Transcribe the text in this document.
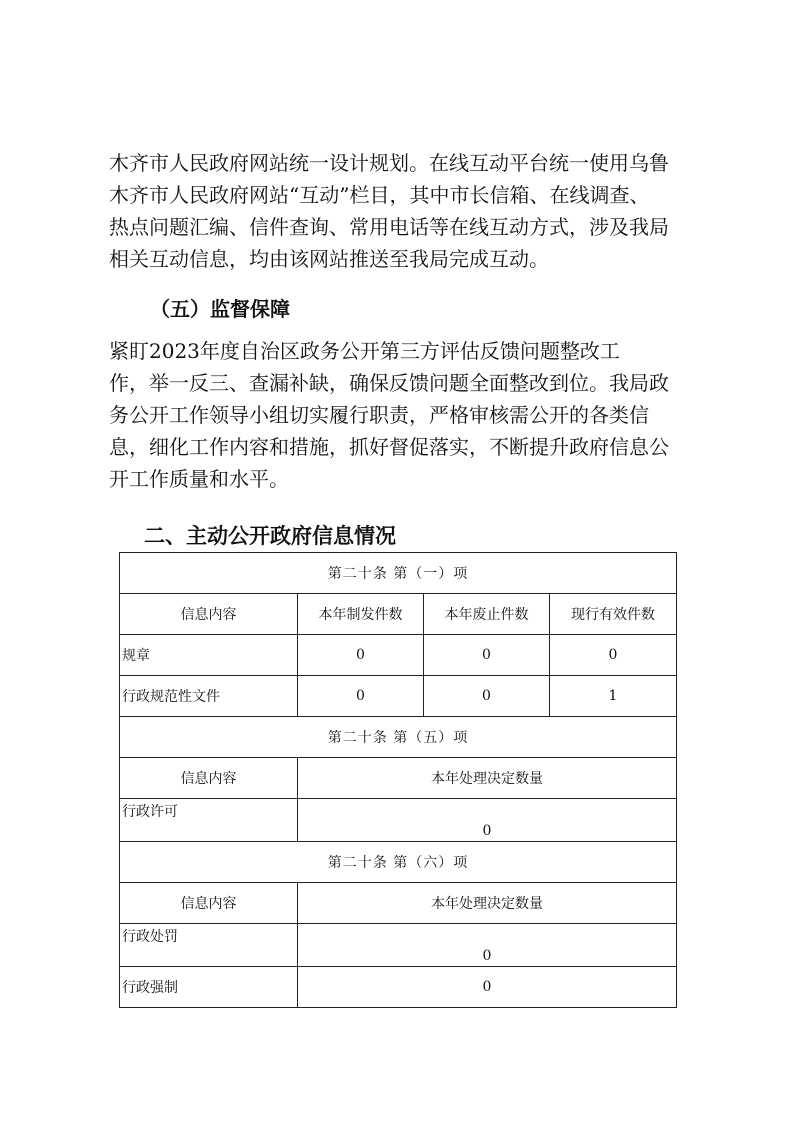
木齐市人民政府网站统一设计规划。在线互动平台统一使用乌鲁
木齐市人民政府网站“互动”栏目，其中市长信箱、在线调查、
热点问题汇编、信件查询、常用电话等在线互动方式，涉及我局
相关互动信息，均由该网站推送至我局完成互动。
（五）监督保障
紧盯2023年度自治区政务公开第三方评估反馈问题整改工
作，举一反三、查漏补缺，确保反馈问题全面整改到位。我局政
务公开工作领导小组切实履行职责，严格审核需公开的各类信
息，细化工作内容和措施，抓好督促落实，不断提升政府信息公
开工作质量和水平。
二、主动公开政府信息情况
第二十条 第（一）项			
信息内容	本年制发件数	本年废止件数	现行有效件数
规章	0	0	0
行政规范性文件	0	0	1
第二十条 第（五）项			
信息内容	本年处理决定数量		
行政许可	0		
第二十条 第（六）项			
信息内容	本年处理决定数量		
行政处罚	0		
行政强制	0		
